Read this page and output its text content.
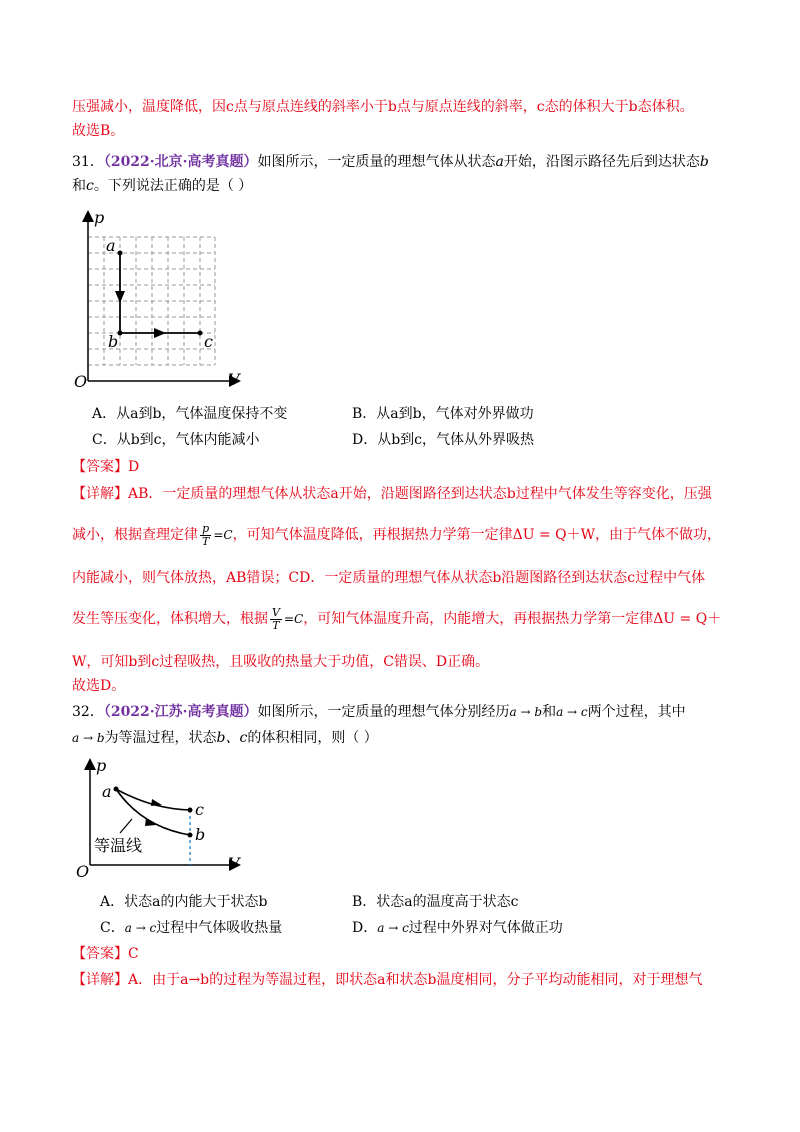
压强减小，温度降低，因c点与原点连线的斜率小于b点与原点连线的斜率，c态的体积大于b态体积。
故选B。
31．（2022·北京·高考真题）如图所示，一定质量的理想气体从状态a开始，沿图示路径先后到达状态b
和c。下列说法正确的是（ ）
p
V
O
a
b	c
A．从a到b，气体温度保持不变	B．从a到b，气体对外界做功
C．从b到c，气体内能减小	D．从b到c，气体从外界吸热
【答案】D
【详解】AB．一定质量的理想气体从状态a开始，沿题图路径到达状态b过程中气体发生等容变化，压强
减小，根据查理定律 $\frac{p}{T} =C$，可知气体温度降低，再根据热力学第一定律ΔU = Q＋W，由于气体不做功，
内能减小，则气体放热，AB错误；CD．一定质量的理想气体从状态b沿题图路径到达状态c过程中气体
发生等压变化，体积增大，根据 $\frac{V}{T} =C$，可知气体温度升高，内能增大，再根据热力学第一定律ΔU = Q＋
W，可知b到c过程吸热，且吸收的热量大于功值，C错误、D正确。
故选D。
32．（2022·江苏·高考真题）如图所示，一定质量的理想气体分别经历a → b和a → c两个过程，其中
a → b为等温过程，状态b、c的体积相同，则（ ）
p
V
O
a
c
b
等温线
A．状态a的内能大于状态b	B．状态a的温度高于状态c
C．a → c过程中气体吸收热量	D．a → c过程中外界对气体做正功
【答案】C
【详解】A．由于a→b的过程为等温过程，即状态a和状态b温度相同，分子平均动能相同，对于理想气
